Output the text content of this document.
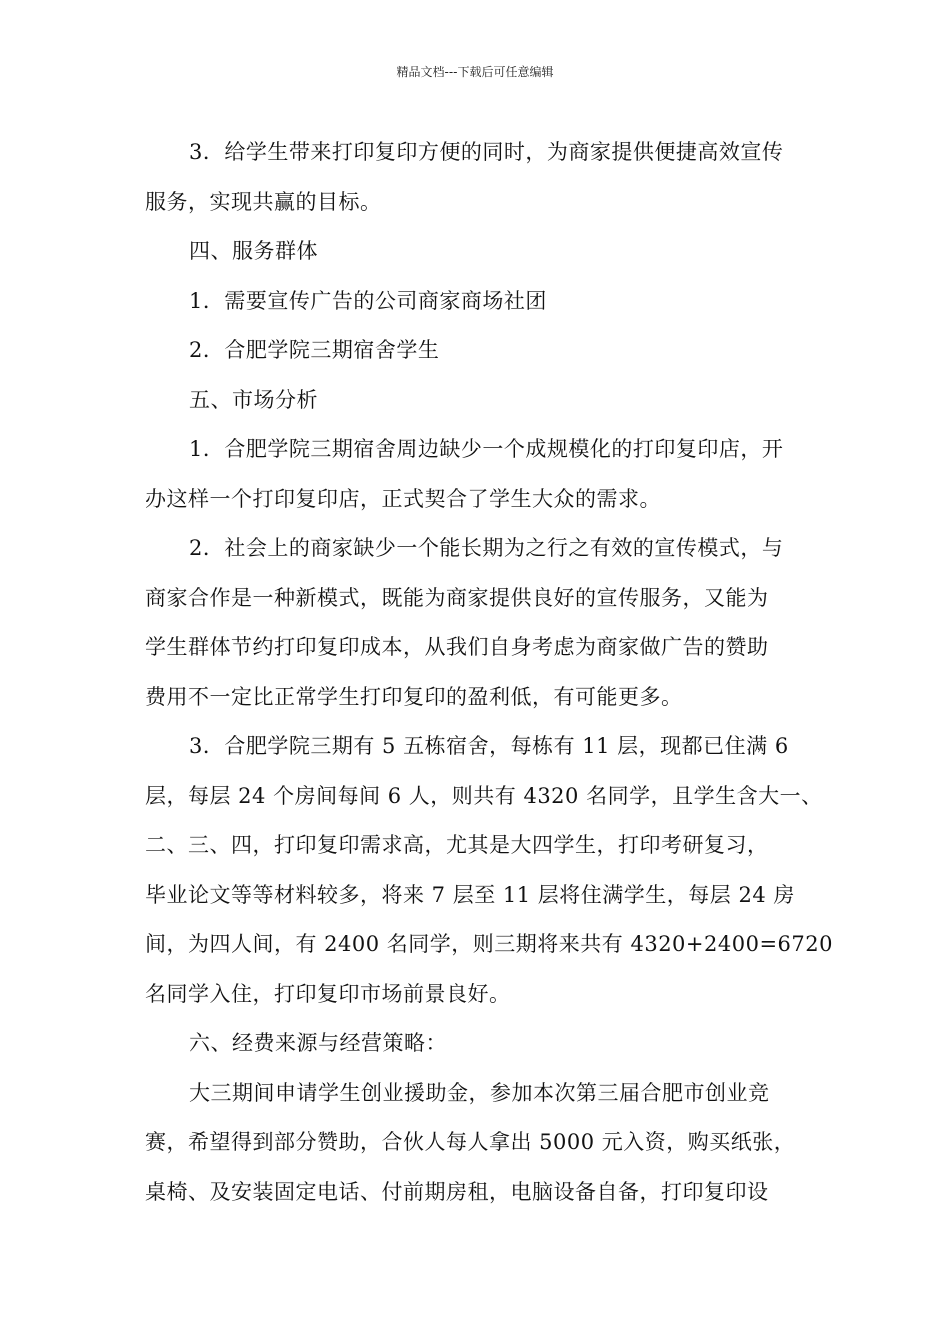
精品文档---下载后可任意编辑
3．给学生带来打印复印方便的同时，为商家提供便捷高效宣传
服务，实现共赢的目标。
四、服务群体
1．需要宣传广告的公司商家商场社团
2．合肥学院三期宿舍学生
五、市场分析
1．合肥学院三期宿舍周边缺少一个成规模化的打印复印店，开
办这样一个打印复印店，正式契合了学生大众的需求。
2．社会上的商家缺少一个能长期为之行之有效的宣传模式，与
商家合作是一种新模式，既能为商家提供良好的宣传服务，又能为
学生群体节约打印复印成本，从我们自身考虑为商家做广告的赞助
费用不一定比正常学生打印复印的盈利低，有可能更多。
3．合肥学院三期有 5 五栋宿舍，每栋有 11 层，现都已住满 6
层，每层 24 个房间每间 6 人，则共有 4320 名同学，且学生含大一、
二、三、四，打印复印需求高，尤其是大四学生，打印考研复习，
毕业论文等等材料较多，将来 7 层至 11 层将住满学生，每层 24 房
间，为四人间，有 2400 名同学，则三期将来共有 4320+2400=6720
名同学入住，打印复印市场前景良好。
六、经费来源与经营策略：
大三期间申请学生创业援助金，参加本次第三届合肥市创业竞
赛，希望得到部分赞助，合伙人每人拿出 5000 元入资，购买纸张，
桌椅、及安装固定电话、付前期房租，电脑设备自备，打印复印设
